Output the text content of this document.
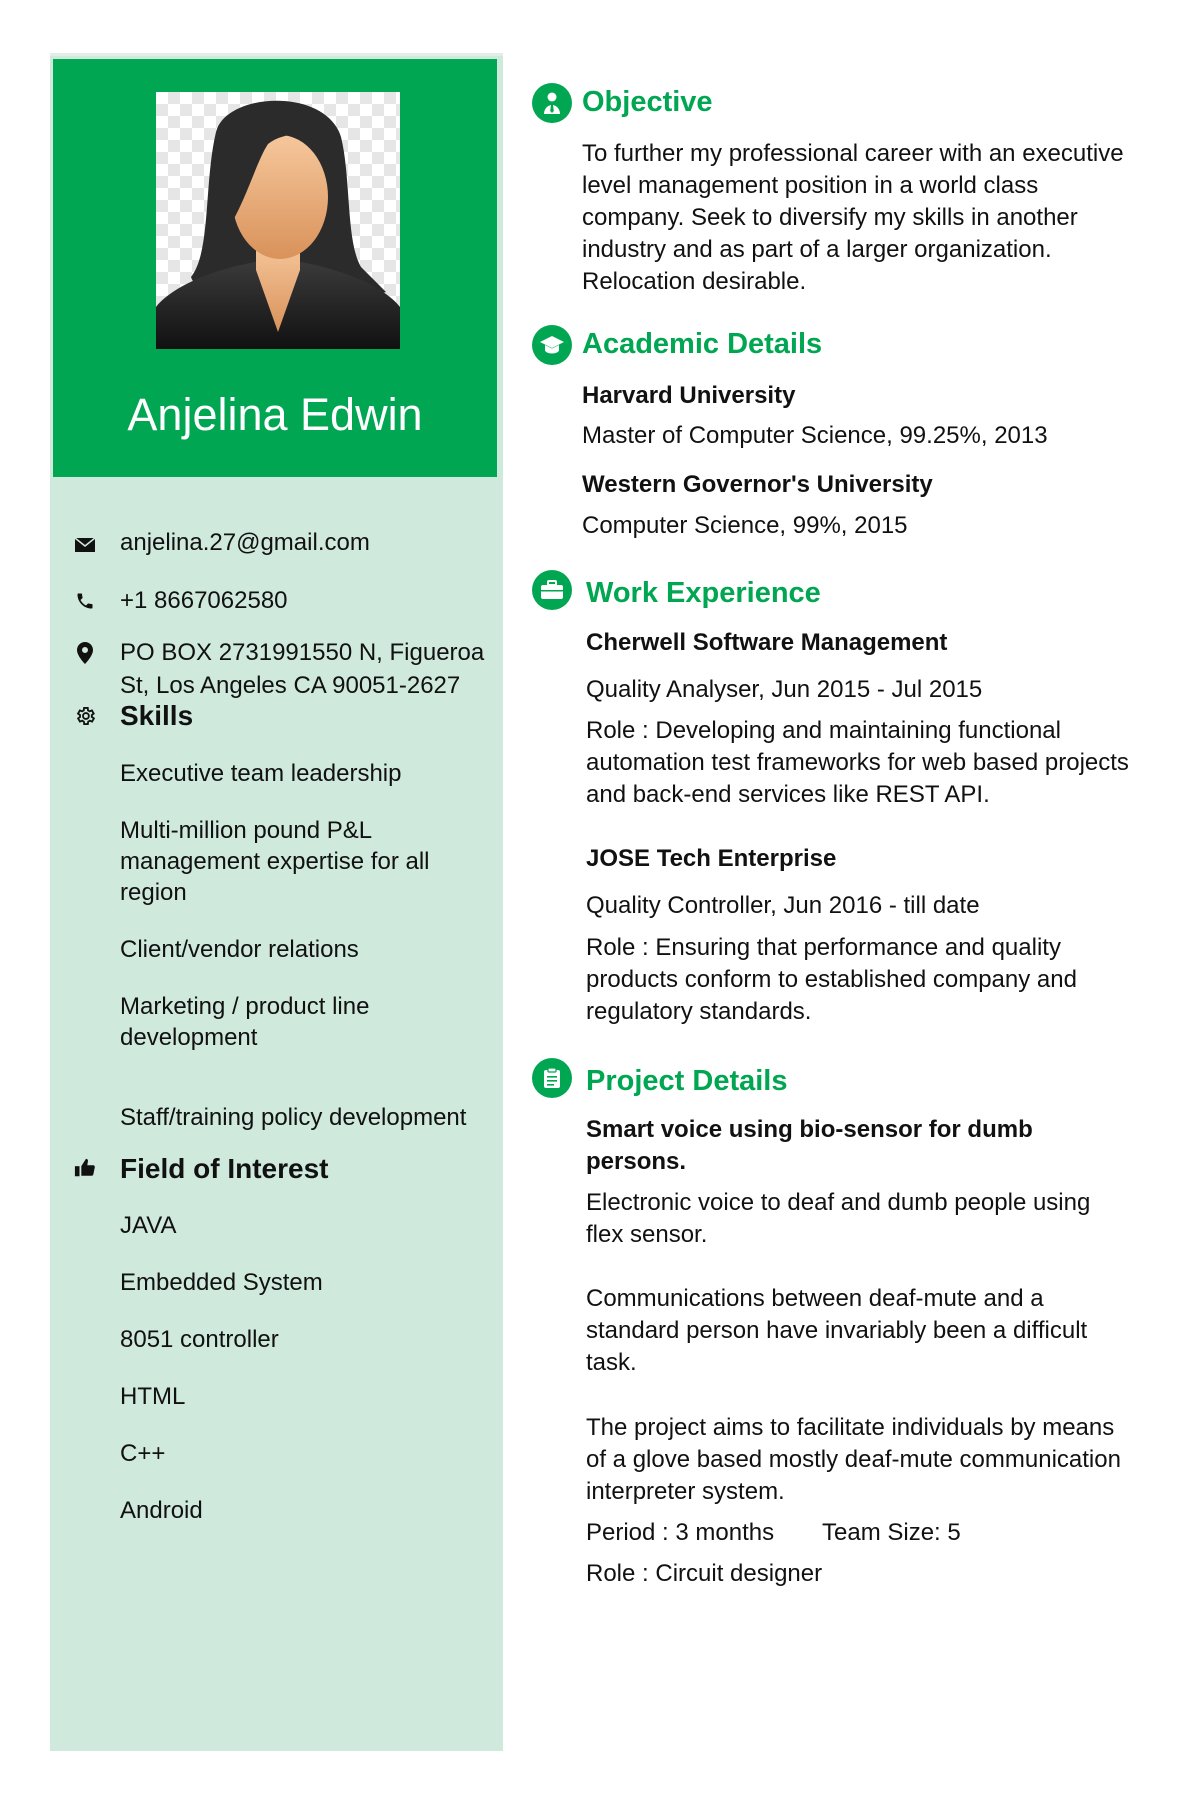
Anjelina Edwin
anjelina.27@gmail.com
+1 8667062580
PO BOX 2731991550 N, Figueroa
St, Los Angeles CA 90051-2627
Skills
Executive team leadership
Multi-million pound P&L
management expertise for all
region
Client/vendor relations
Marketing / product line
development
Staff/training policy development
Field of Interest
JAVA
Embedded System
8051 controller
HTML
C++
Android
Objective
To further my professional career with an executive
level management position in a world class
company. Seek to diversify my skills in another
industry and as part of a larger organization.
Relocation desirable.
Academic Details
Harvard University
Master of Computer Science, 99.25%, 2013
Western Governor's University
Computer Science, 99%, 2015
Work Experience
Cherwell Software Management
Quality Analyser, Jun 2015 - Jul 2015
Role : Developing and maintaining functional
automation test frameworks for web based projects
and back-end services like REST API.
JOSE Tech Enterprise
Quality Controller, Jun 2016 - till date
Role : Ensuring that performance and quality
products conform to established company and
regulatory standards.
Project Details
Smart voice using bio-sensor for dumb
persons.
Electronic voice to deaf and dumb people using
flex sensor.
Communications between deaf-mute and a
standard person have invariably been a difficult
task.
The project aims to facilitate individuals by means
of a glove based mostly deaf-mute communication
interpreter system.
Period : 3 months Team Size: 5
Role : Circuit designer
